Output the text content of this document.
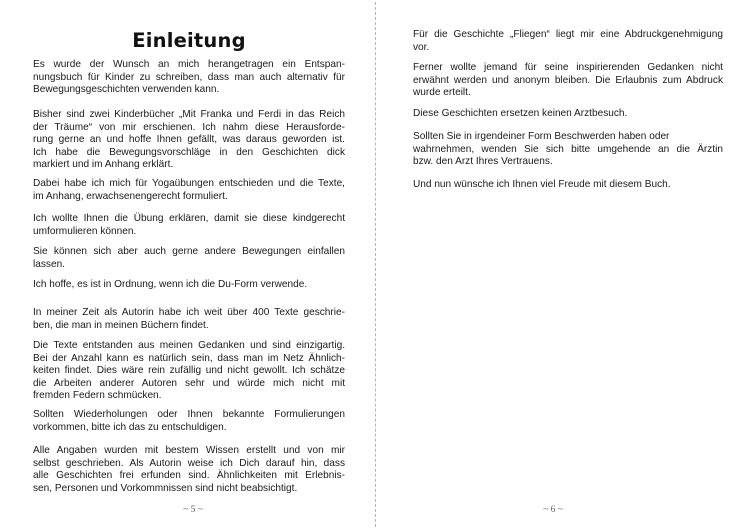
Einleitung

Es wurde der Wunsch an mich herangetragen ein Entspan-
nungsbuch für Kinder zu schreiben, dass man auch alternativ für
Bewegungsgeschichten verwenden kann.

Bisher sind zwei Kinderbücher „Mit Franka und Ferdi in das Reich
der Träume“ von mir erschienen. Ich nahm diese Herausforde-
rung gerne an und hoffe Ihnen gefällt, was daraus geworden ist.
Ich habe die Bewegungsvorschläge in den Geschichten dick
markiert und im Anhang erklärt.

Dabei habe ich mich für Yogaübungen entschieden und die Texte,
im Anhang, erwachsenengerecht formuliert.

Ich wollte Ihnen die Übung erklären, damit sie diese kindgerecht
umformulieren können.

Sie können sich aber auch gerne andere Bewegungen einfallen
lassen.

Ich hoffe, es ist in Ordnung, wenn ich die Du-Form verwende.

In meiner Zeit als Autorin habe ich weit über 400 Texte geschrie-
ben, die man in meinen Büchern findet.

Die Texte entstanden aus meinen Gedanken und sind einzigartig.
Bei der Anzahl kann es natürlich sein, dass man im Netz Ähnlich-
keiten findet. Dies wäre rein zufällig und nicht gewollt. Ich schätze
die Arbeiten anderer Autoren sehr und würde mich nicht mit
fremden Federn schmücken.

Sollten Wiederholungen oder Ihnen bekannte Formulierungen
vorkommen, bitte ich das zu entschuldigen.

Alle Angaben wurden mit bestem Wissen erstellt und von mir
selbst geschrieben. Als Autorin weise ich Dich darauf hin, dass
alle Geschichten frei erfunden sind. Ähnlichkeiten mit Erlebnis-
sen, Personen und Vorkommnissen sind nicht beabsichtigt.

~ 5 ~

Für die Geschichte „Fliegen“ liegt mir eine Abdruckgenehmigung
vor.

Ferner wollte jemand für seine inspirierenden Gedanken nicht
erwähnt werden und anonym bleiben. Die Erlaubnis zum Abdruck
wurde erteilt.

Diese Geschichten ersetzen keinen Arztbesuch.

Sollten Sie in irgendeiner Form Beschwerden haben oder
wahrnehmen, wenden Sie sich bitte umgehende an die Ärztin
bzw. den Arzt Ihres Vertrauens.

Und nun wünsche ich Ihnen viel Freude mit diesem Buch.

~ 6 ~
